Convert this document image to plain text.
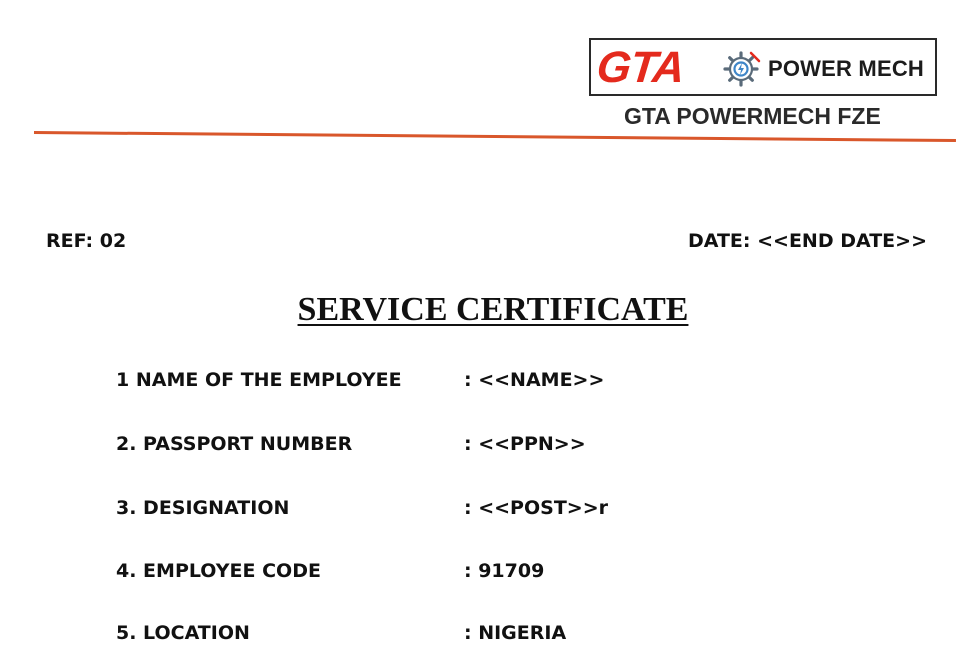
GTA	POWER MECH
GTA POWERMECH FZE
REF: 02	DATE: <<END DATE>>
SERVICE CERTIFICATE
1 NAME OF THE EMPLOYEE	: <<NAME>>
2. PASSPORT NUMBER	: <<PPN>>
3. DESIGNATION	: <<POST>>r
4. EMPLOYEE CODE	: 91709
5. LOCATION	: NIGERIA
